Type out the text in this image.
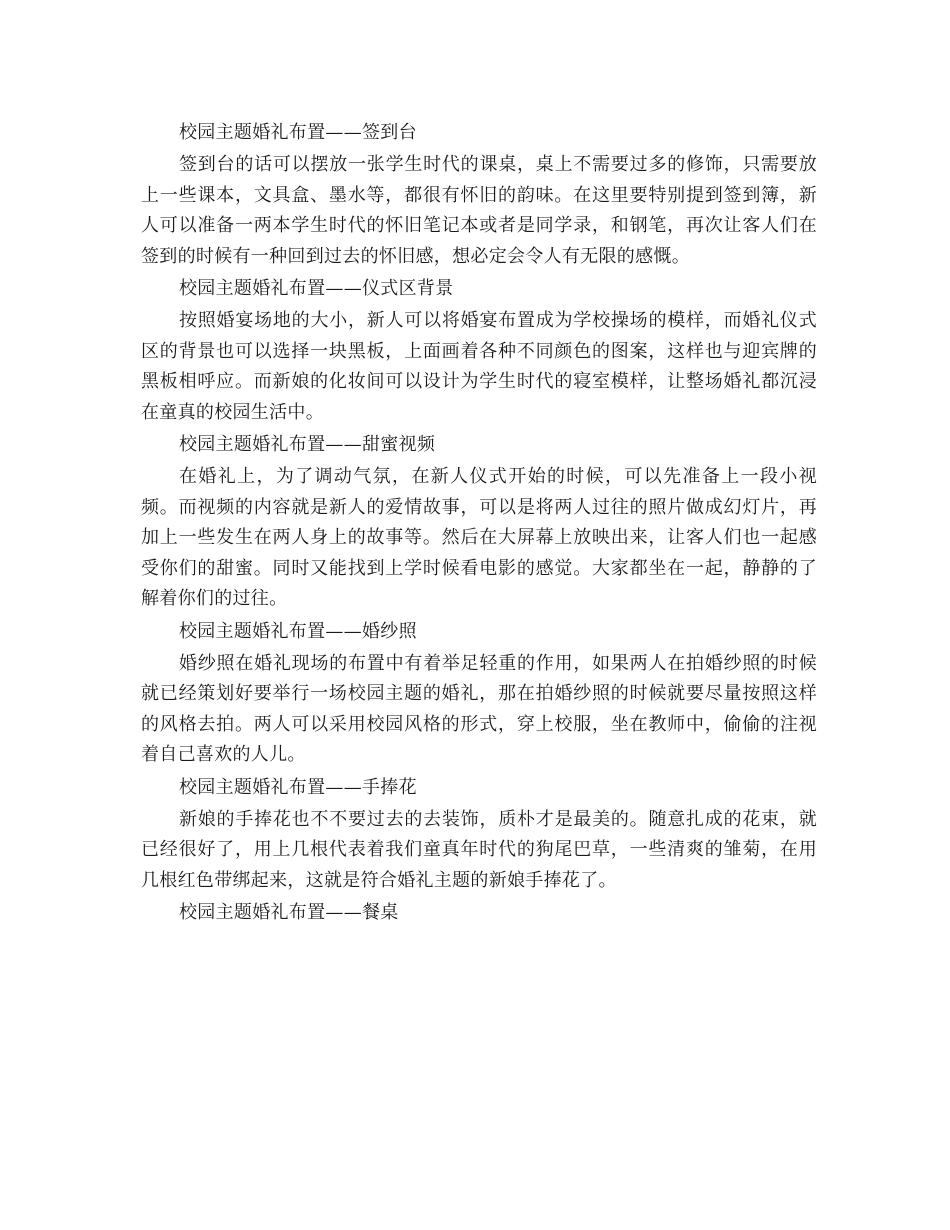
校园主题婚礼布置——签到台
签到台的话可以摆放一张学生时代的课桌，桌上不需要过多的修饰，只需要放上一些课本，文具盒、墨水等，都很有怀旧的韵味。在这里要特别提到签到簿，新人可以准备一两本学生时代的怀旧笔记本或者是同学录，和钢笔，再次让客人们在签到的时候有一种回到过去的怀旧感，想必定会令人有无限的感慨。
校园主题婚礼布置——仪式区背景
按照婚宴场地的大小，新人可以将婚宴布置成为学校操场的模样，而婚礼仪式区的背景也可以选择一块黑板，上面画着各种不同颜色的图案，这样也与迎宾牌的黑板相呼应。而新娘的化妆间可以设计为学生时代的寝室模样，让整场婚礼都沉浸在童真的校园生活中。
校园主题婚礼布置——甜蜜视频
在婚礼上，为了调动气氛，在新人仪式开始的时候，可以先准备上一段小视频。而视频的内容就是新人的爱情故事，可以是将两人过往的照片做成幻灯片，再加上一些发生在两人身上的故事等。然后在大屏幕上放映出来，让客人们也一起感受你们的甜蜜。同时又能找到上学时候看电影的感觉。大家都坐在一起，静静的了解着你们的过往。
校园主题婚礼布置——婚纱照
婚纱照在婚礼现场的布置中有着举足轻重的作用，如果两人在拍婚纱照的时候就已经策划好要举行一场校园主题的婚礼，那在拍婚纱照的时候就要尽量按照这样的风格去拍。两人可以采用校园风格的形式，穿上校服，坐在教师中，偷偷的注视着自己喜欢的人儿。
校园主题婚礼布置——手捧花
新娘的手捧花也不不要过去的去装饰，质朴才是最美的。随意扎成的花束，就已经很好了，用上几根代表着我们童真年时代的狗尾巴草，一些清爽的雏菊，在用几根红色带绑起来，这就是符合婚礼主题的新娘手捧花了。
校园主题婚礼布置——餐桌
